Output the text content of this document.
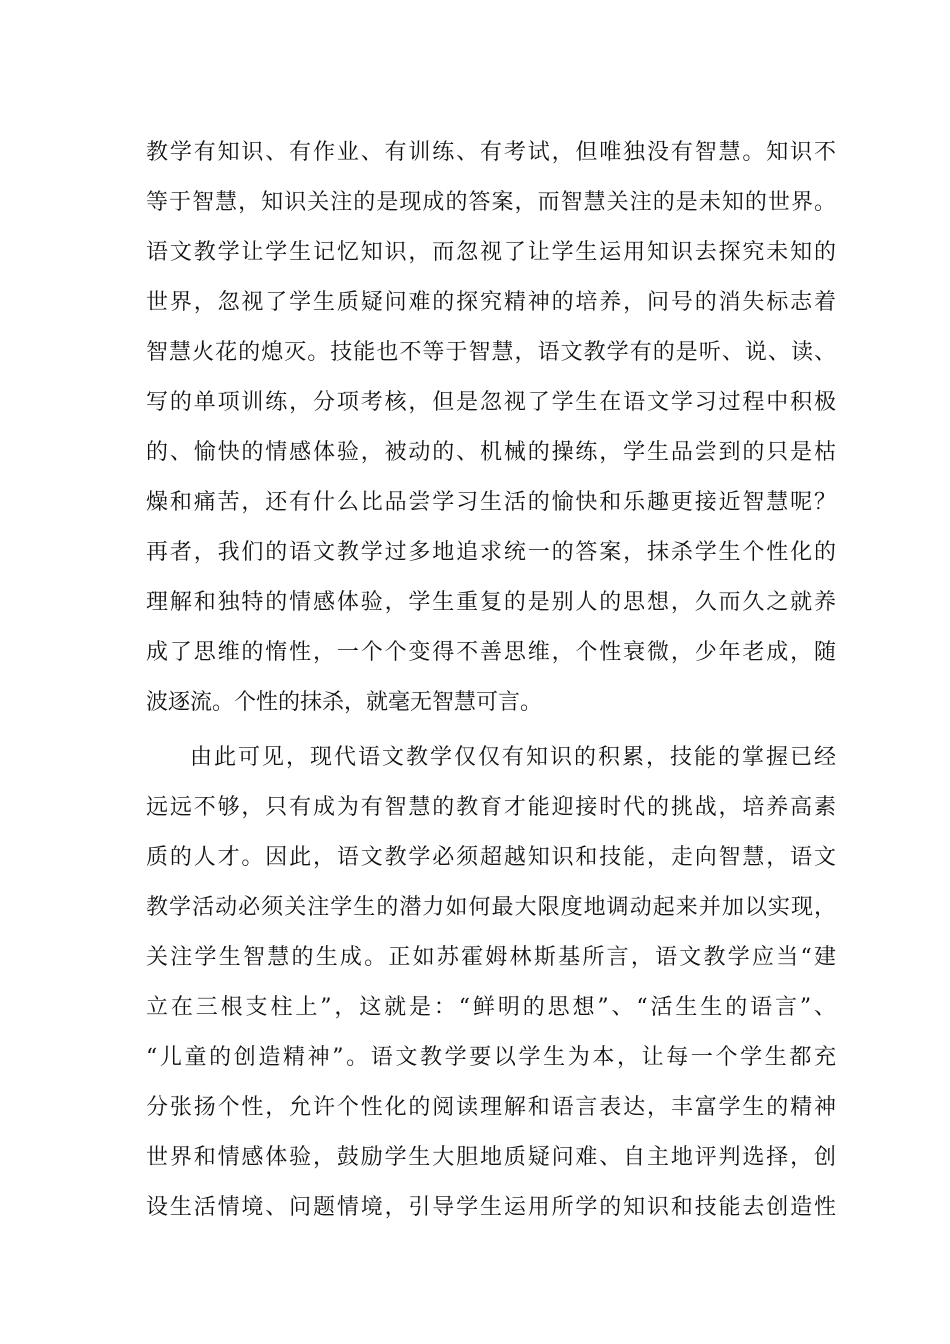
教学有知识、有作业、有训练、有考试，但唯独没有智慧。知识不
等于智慧，知识关注的是现成的答案，而智慧关注的是未知的世界。
语文教学让学生记忆知识，而忽视了让学生运用知识去探究未知的
世界，忽视了学生质疑问难的探究精神的培养，问号的消失标志着
智慧火花的熄灭。技能也不等于智慧，语文教学有的是听、说、读、
写的单项训练，分项考核，但是忽视了学生在语文学习过程中积极
的、愉快的情感体验，被动的、机械的操练，学生品尝到的只是枯
燥和痛苦，还有什么比品尝学习生活的愉快和乐趣更接近智慧呢？
再者，我们的语文教学过多地追求统一的答案，抹杀学生个性化的
理解和独特的情感体验，学生重复的是别人的思想，久而久之就养
成了思维的惰性，一个个变得不善思维，个性衰微，少年老成，随
波逐流。个性的抹杀，就毫无智慧可言。
由此可见，现代语文教学仅仅有知识的积累，技能的掌握已经
远远不够，只有成为有智慧的教育才能迎接时代的挑战，培养高素
质的人才。因此，语文教学必须超越知识和技能，走向智慧，语文
教学活动必须关注学生的潜力如何最大限度地调动起来并加以实现，
关注学生智慧的生成。正如苏霍姆林斯基所言，语文教学应当“建
立在三根支柱上”，这就是：“鲜明的思想”、“活生生的语言”、
“儿童的创造精神”。语文教学要以学生为本，让每一个学生都充
分张扬个性，允许个性化的阅读理解和语言表达，丰富学生的精神
世界和情感体验，鼓励学生大胆地质疑问难、自主地评判选择，创
设生活情境、问题情境，引导学生运用所学的知识和技能去创造性
